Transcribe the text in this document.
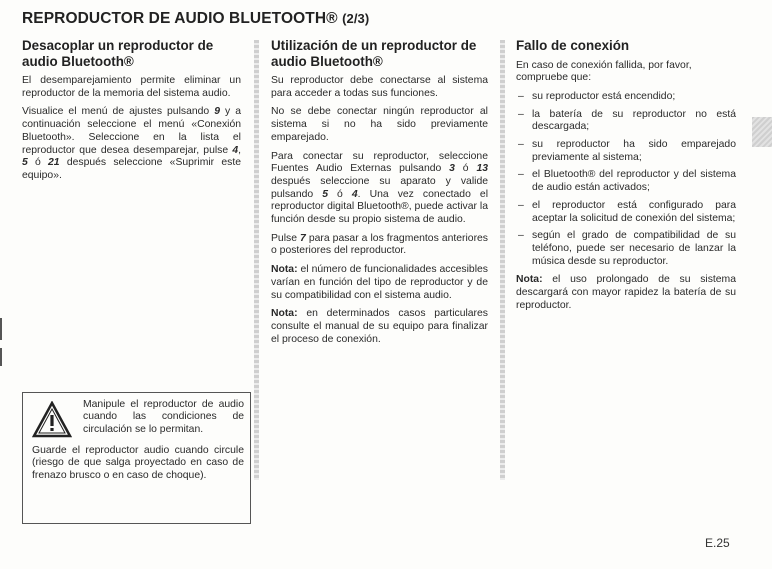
REPRODUCTOR DE AUDIO BLUETOOTH® (2/3)
Desacoplar un reproductor de audio Bluetooth®

El desemparejamiento permite eliminar un reproductor de la memoria del sistema audio.

Visualice el menú de ajustes pulsando 9 y a continuación seleccione el menú «Conexión Bluetooth». Seleccione en la lista el reproductor que desea desemparejar, pulse 4, 5 ó 21 después seleccione «Suprimir este equipo».

Utilización de un reproductor de audio Bluetooth®

Su reproductor debe conectarse al sistema para acceder a todas sus funciones.

No se debe conectar ningún reproductor al sistema si no ha sido previamente emparejado.

Para conectar su reproductor, seleccione Fuentes Audio Externas pulsando 3 ó 13 después seleccione su aparato y valide pulsando 5 ó 4. Una vez conectado el reproductor digital Bluetooth®, puede activar la función desde su propio sistema de audio.

Pulse 7 para pasar a los fragmentos anteriores o posteriores del reproductor.

Nota: el número de funcionalidades accesibles varían en función del tipo de reproductor y de su compatibilidad con el sistema audio.

Nota: en determinados casos particulares consulte el manual de su equipo para finalizar el proceso de conexión.

Fallo de conexión

En caso de conexión fallida, por favor, compruebe que:

– su reproductor está encendido;
– la batería de su reproductor no está descargada;
– su reproductor ha sido emparejado previamente al sistema;
– el Bluetooth® del reproductor y del sistema de audio están activados;
– el reproductor está configurado para aceptar la solicitud de conexión del sistema;
– según el grado de compatibilidad de su teléfono, puede ser necesario de lanzar la música desde su reproductor.

Nota: el uso prolongado de su sistema descargará con mayor rapidez la batería de su reproductor.

Manipule el reproductor de audio cuando las condiciones de circulación se lo permitan.
Guarde el reproductor audio cuando circule (riesgo de que salga proyectado en caso de frenazo brusco o en caso de choque).
E.25
